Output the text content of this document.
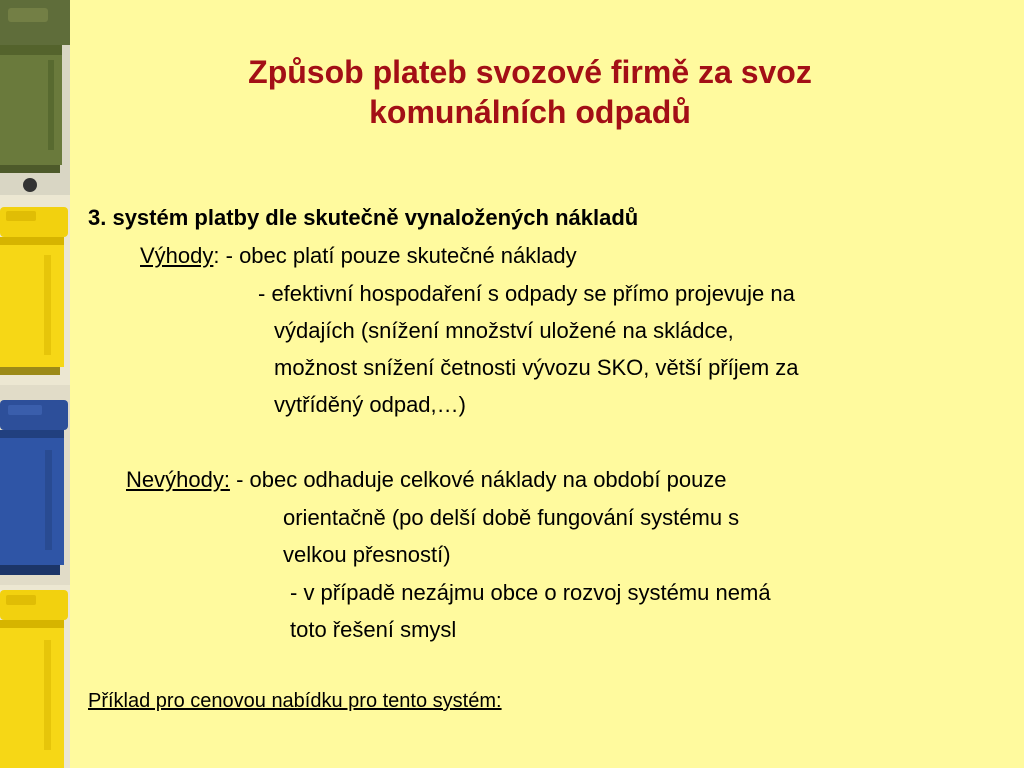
Způsob plateb svozové firmě za svoz
komunálních odpadů
3. systém platby dle skutečně vynaložených nákladů
Výhody: - obec platí pouze skutečné náklady
- efektivní hospodaření s odpady se přímo projevuje na
výdajích (snížení množství uložené na skládce,
možnost snížení četnosti vývozu SKO, větší příjem za
vytříděný odpad,…)
Nevýhody: - obec odhaduje celkové náklady na období pouze
orientačně (po delší době fungování systému s
velkou přesností)
- v případě nezájmu obce o rozvoj systému nemá
toto řešení smysl
Příklad pro cenovou nabídku pro tento systém:
